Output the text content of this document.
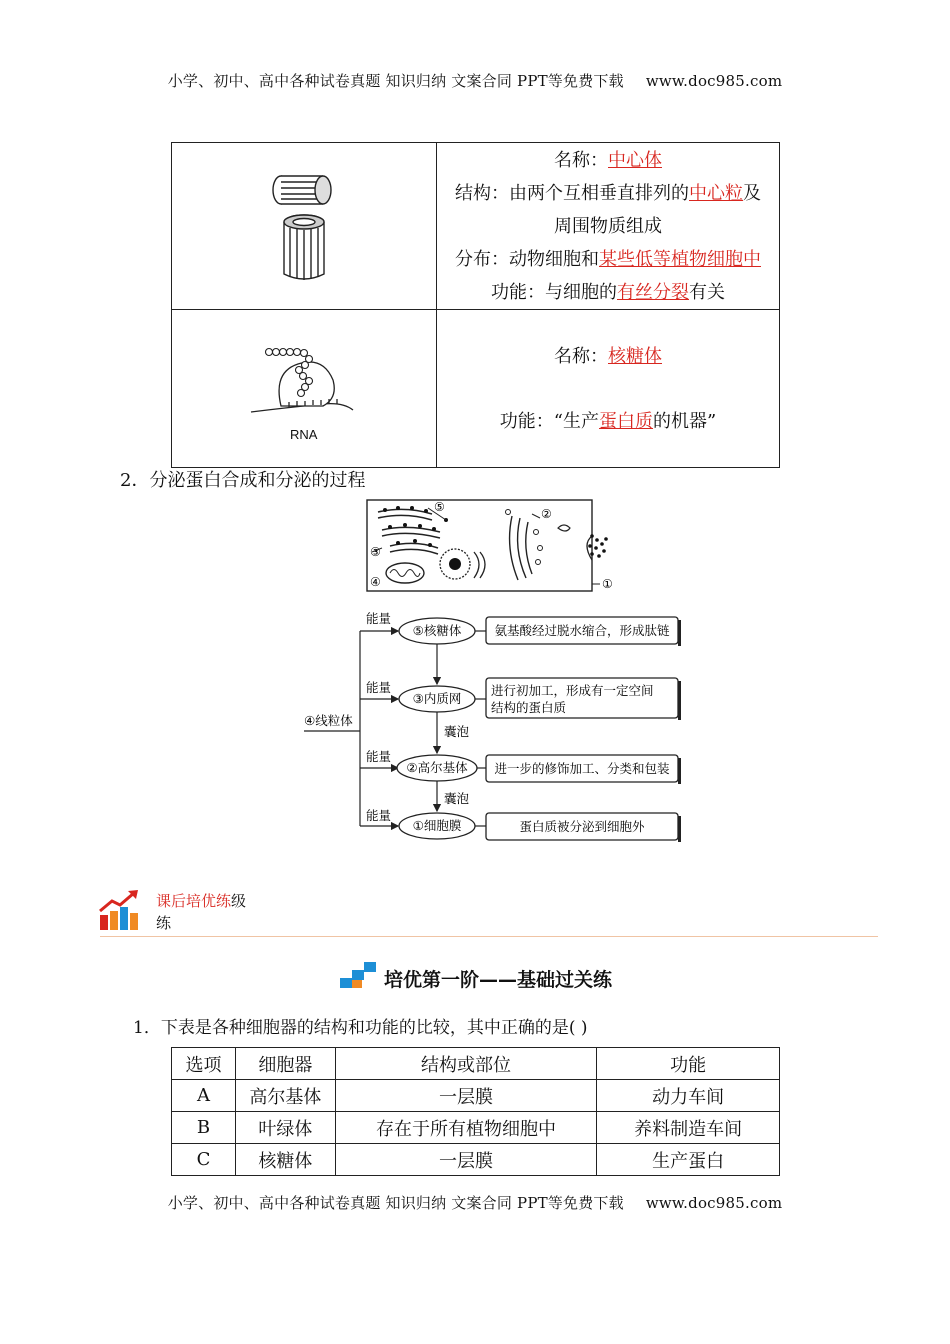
小学、初中、高中各种试卷真题 知识归纳 文案合同 PPT等免费下载 www.doc985.com

名称：中心体
结构：由两个互相垂直排列的中心粒及
周围物质组成
分布：动物细胞和某些低等植物细胞中
功能：与细胞的有丝分裂有关

RNA	名称：核糖体
功能：“生产蛋白质的机器”
2．分泌蛋白合成和分泌的过程
⑤	②
③
④	①
④线粒体
能量
能量
能量
能量
⑤核糖体
③内质网
②高尔基体
①细胞膜
囊泡
囊泡
氨基酸经过脱水缩合，形成肽链
进行初加工，形成有一定空间
结构的蛋白质
进一步的修饰加工、分类和包装
蛋白质被分泌到细胞外
课后培优练级
练
培优第一阶——基础过关练
1．下表是各种细胞器的结构和功能的比较，其中正确的是( )
选项	细胞器	结构或部位	功能
A	高尔基体	一层膜	动力车间
B	叶绿体	存在于所有植物细胞中	养料制造车间
C	核糖体	一层膜	生产蛋白
小学、初中、高中各种试卷真题 知识归纳 文案合同 PPT等免费下载 www.doc985.com
